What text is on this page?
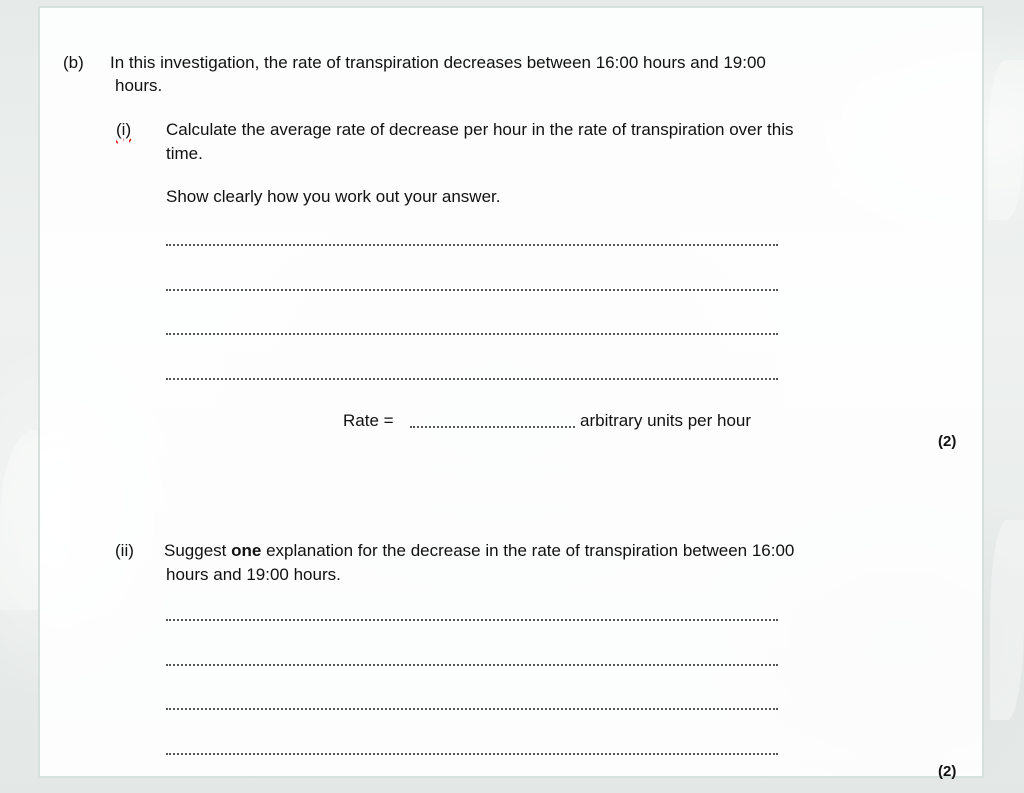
(b) In this investigation, the rate of transpiration decreases between 16:00 hours and 19:00
hours.
(i) Calculate the average rate of decrease per hour in the rate of transpiration over this
time.
Show clearly how you work out your answer.
Rate =	arbitrary units per hour
(2)
(ii) Suggest one explanation for the decrease in the rate of transpiration between 16:00
hours and 19:00 hours.
(2)
